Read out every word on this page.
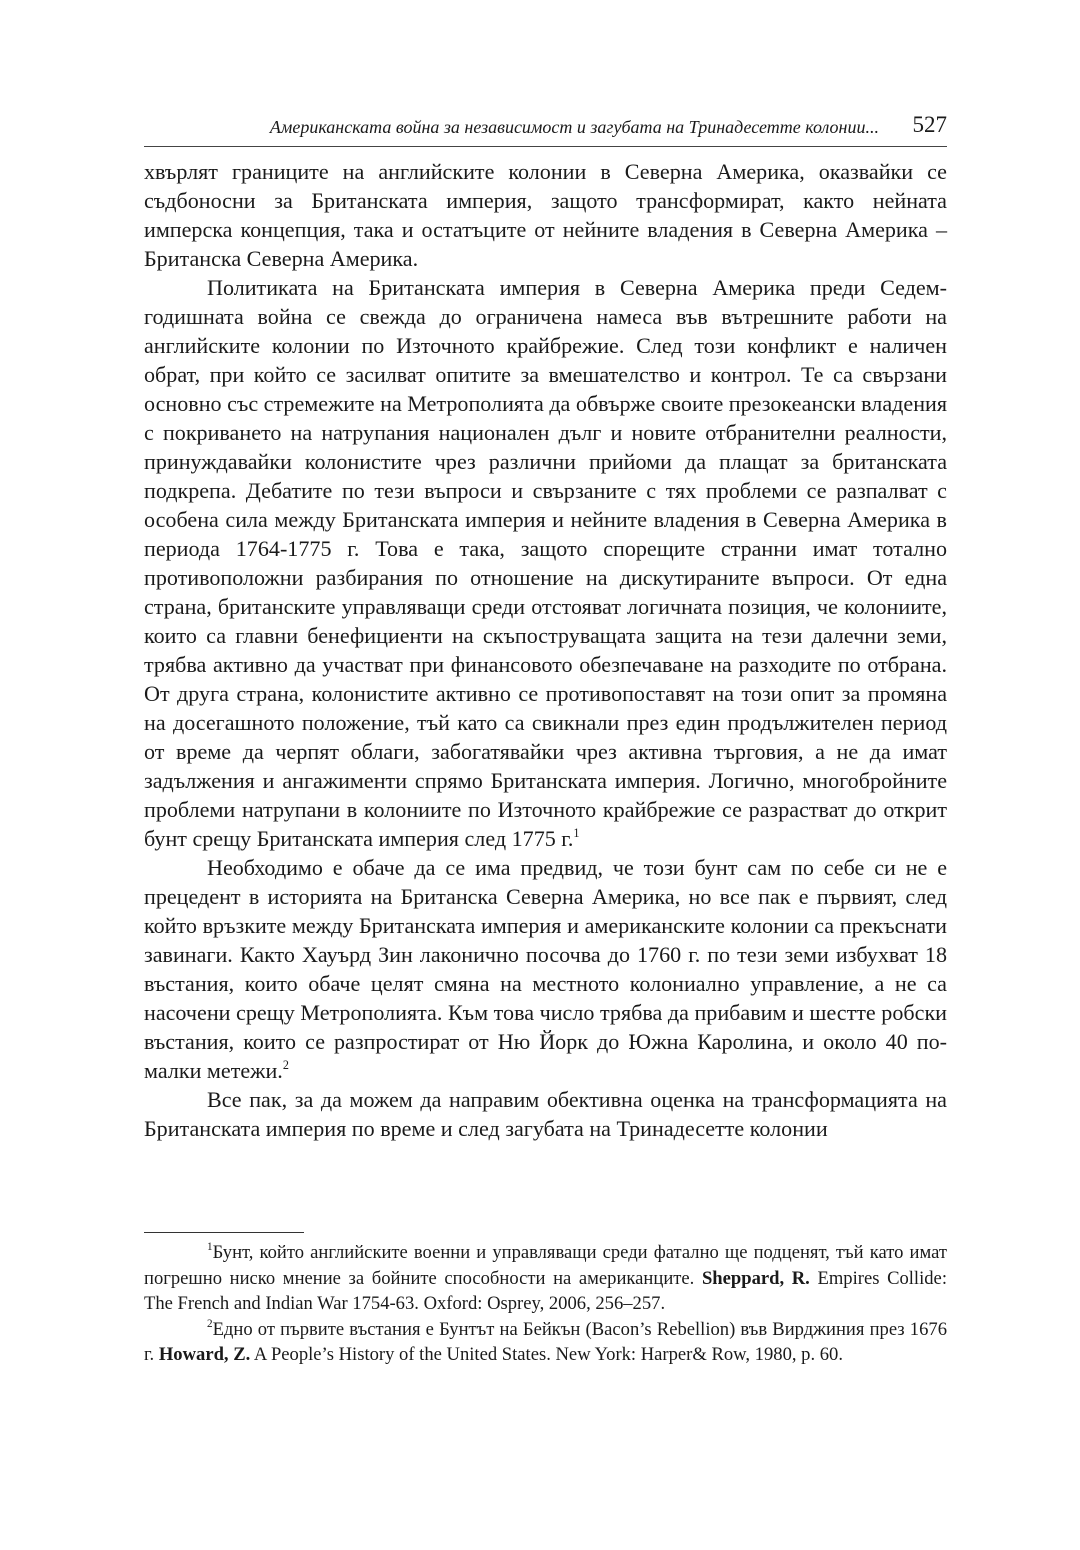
Американската война за независимост и загубата на Тринадесетте колонии... 527

хвърлят границите на английските колонии в Северна Америка, оказвайки се съдбоносни за Британската империя, защото трансформират, както нейната имперска концепция, така и остатъците от нейните владения в Северна Америка – Британска Северна Америка.

Политиката на Британската империя в Северна Америка преди Седемгодишната война се свежда до ограничена намеса във вътрешните работи на английските колонии по Източното крайбрежие. След този конфликт е наличен обрат, при който се засилват опитите за вмешателство и контрол. Те са свързани основно със стремежите на Метрополията да обвърже своите презокеански владения с покриването на натрупания национален дълг и новите отбранителни реалности, принуждавайки колонистите чрез различни прийоми да плащат за британската подкрепа. Дебатите по тези въпроси и свързаните с тях проблеми се разпалват с особена сила между Британската империя и нейните владения в Северна Америка в периода 1764-1775 г. Това е така, защото спорещите странни имат тотално противоположни разбирания по отношение на дискутираните въпроси. От една страна, британските управляващи среди отстояват логичната позиция, че колониите, които са главни бенефициенти на скъпоструващата защита на тези далечни земи, трябва активно да участват при финансовото обезпечаване на разходите по отбрана. От друга страна, колонистите активно се противопоставят на този опит за промяна на досегашното положение, тъй като са свикнали през един продължителен период от време да черпят облаги, забогатявайки чрез активна търговия, а не да имат задължения и ангажименти спрямо Британската империя. Логично, многобройните проблеми натрупани в колониите по Източното крайбрежие се разрастват до открит бунт срещу Британската империя след 1775 г.$^1$

Необходимо е обаче да се има предвид, че този бунт сам по себе си не е прецедент в историята на Британска Северна Америка, но все пак е първият, след който връзките между Британската империя и американските колонии са прекъснати завинаги. Както Хауърд Зин лаконично посочва до 1760 г. по тези земи избухват 18 въстания, които обаче целят смяна на местното колониално управление, а не са насочени срещу Метрополията. Към това число трябва да прибавим и шестте робски въстания, които се разпростират от Ню Йорк до Южна Каролина, и около 40 по-малки метежи.$^2$

Все пак, за да можем да направим обективна оценка на трансформацията на Британската империя по време и след загубата на Тринадесетте колонии

$^1$Бунт, който английските военни и управляващи среди фатално ще подценят, тъй като имат погрешно ниско мнение за бойните способности на американците. Sheppard, R. Empires Collide: The French and Indian War 1754-63. Oxford: Osprey, 2006, 256–257.

$^2$Едно от първите въстания е Бунтът на Бейкън (Bacon’s Rebellion) във Вирджиния през 1676 г. Howard, Z. A People’s History of the United States. New York: Harper& Row, 1980, p. 60.
